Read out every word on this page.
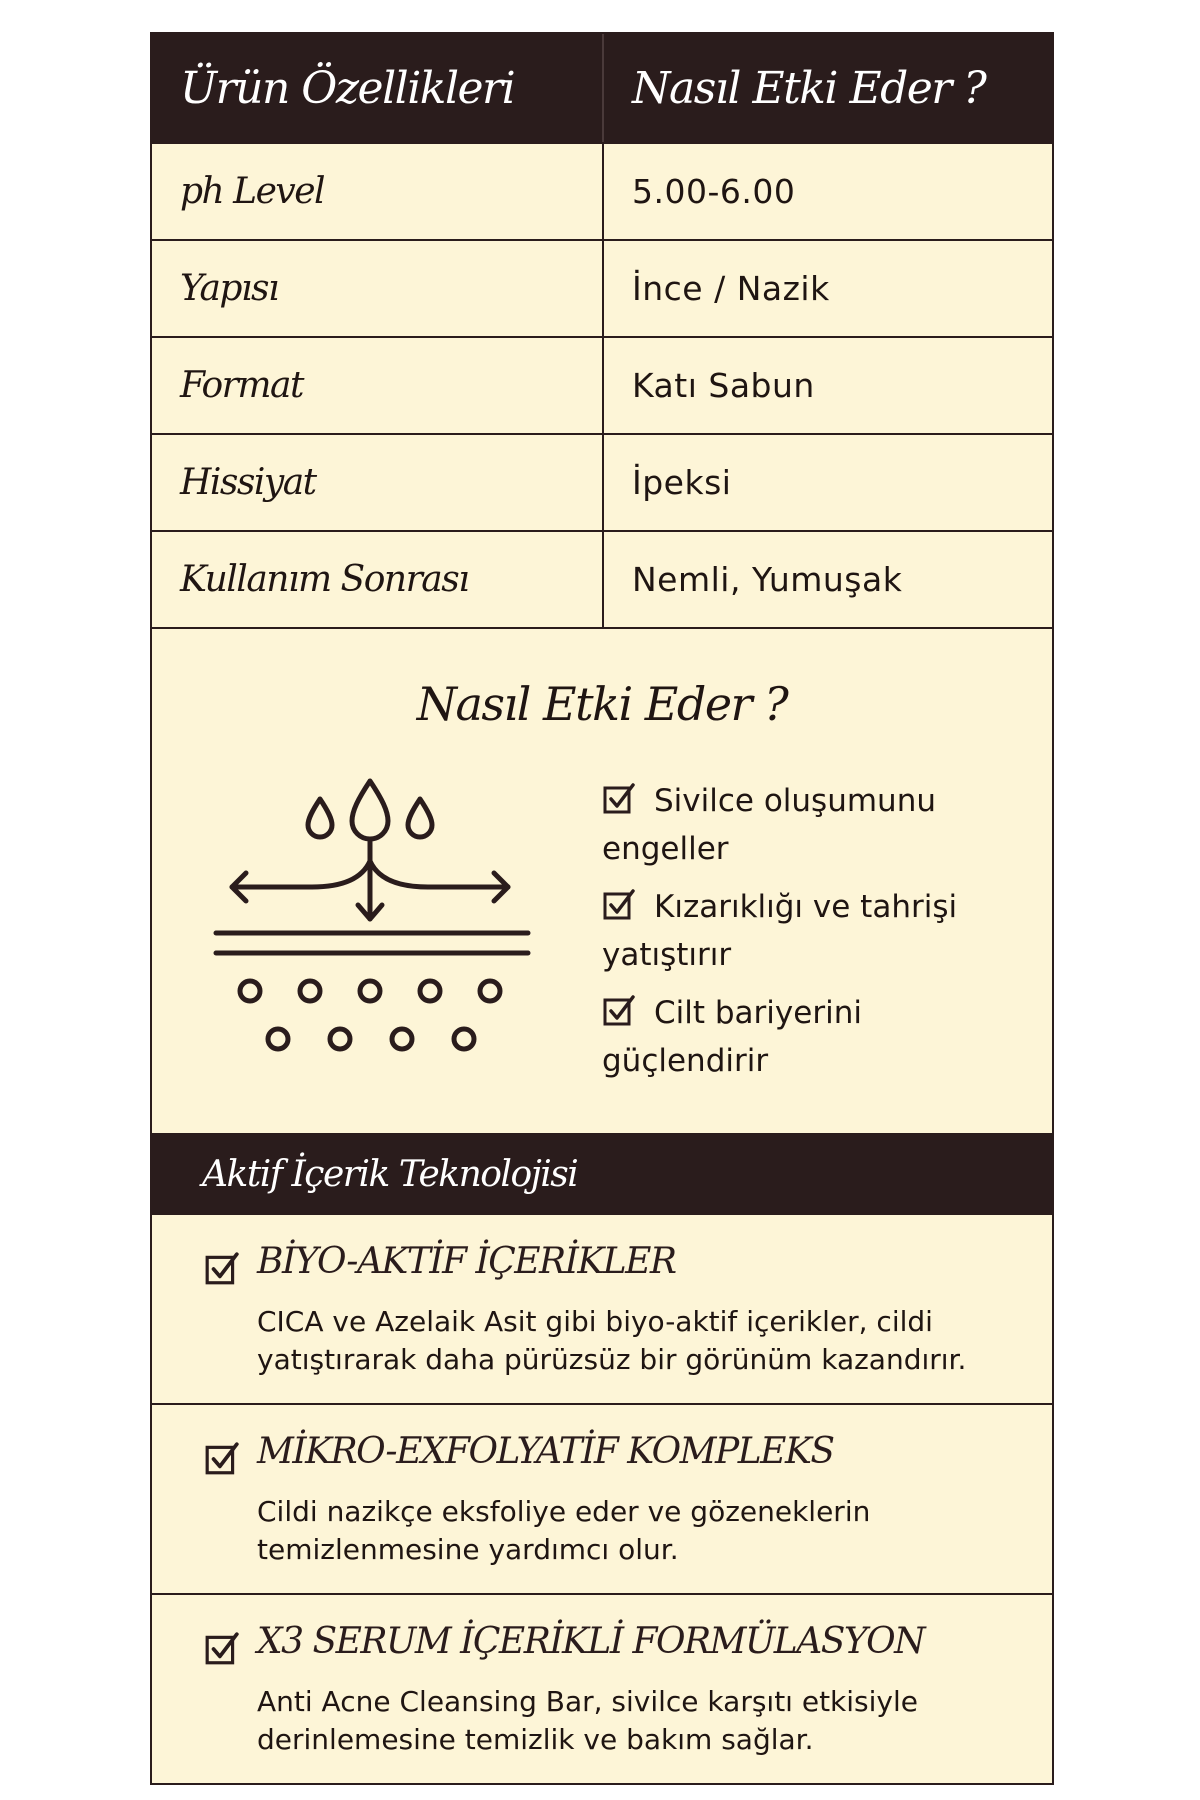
Ürün Özellikleri	Nasıl Etki Eder ?
ph Level	5.00-6.00
Yapısı	İnce / Nazik
Format	Katı Sabun
Hissiyat	İpeksi
Kullanım Sonrası	Nemli, Yumuşak
Nasıl Etki Eder ?
Sivilce oluşumunu engeller
Kızarıklığı ve tahrişi yatıştırır
Cilt bariyerini güçlendirir
Aktif İçerik Teknolojisi
BİYO-AKTİF İÇERİKLER
CICA ve Azelaik Asit gibi biyo-aktif içerikler, cildi yatıştırarak daha pürüzsüz bir görünüm kazandırır.
MİKRO-EXFOLYATİF KOMPLEKS
Cildi nazikçe eksfoliye eder ve gözeneklerin temizlenmesine yardımcı olur.
X3 SERUM İÇERİKLİ FORMÜLASYON
Anti Acne Cleansing Bar, sivilce karşıtı etkisiyle derinlemesine temizlik ve bakım sağlar.
